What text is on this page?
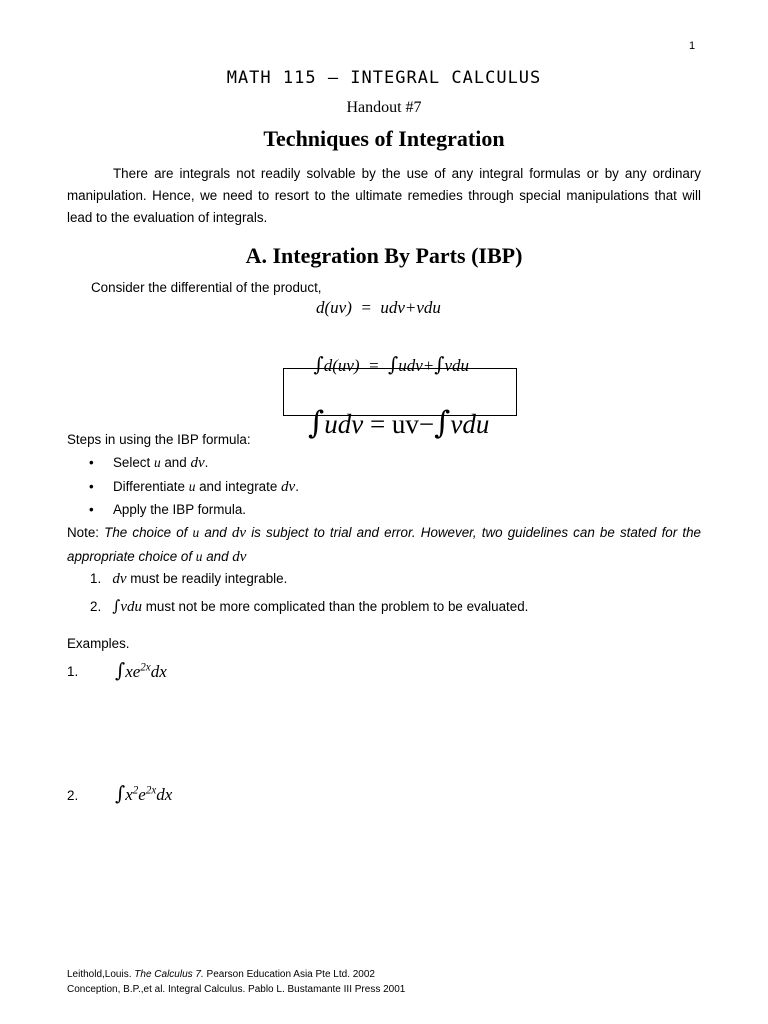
1
MATH 115 – INTEGRAL CALCULUS
Handout #7
Techniques of Integration

There are integrals not readily solvable by the use of any integral formulas or by any ordinary manipulation. Hence, we need to resort to the ultimate remedies through special manipulations that will lead to the evaluation of integrals.

A. Integration By Parts (IBP)
Consider the differential of the product,
d(uv)  =  udv+vdu

∫d(uv)  =  ∫udv+∫vdu

∫udv = uv−∫vdu

Steps in using the IBP formula:
• Select u and dv.
• Differentiate u and integrate dv.
• Apply the IBP formula.

Note: The choice of u and dv is subject to trial and error. However, two guidelines can be stated for the appropriate choice of u and dv

1. dv must be readily integrable.
2. ∫vdu must not be more complicated than the problem to be evaluated.
Examples.
1. $\int xe^{2x}dx$
2. $\int x^2e^{2x}dx$
Leithold,Louis. The Calculus 7. Pearson Education Asia Pte Ltd. 2002
Conception, B.P.,et al. Integral Calculus. Pablo L. Bustamante III Press 2001
